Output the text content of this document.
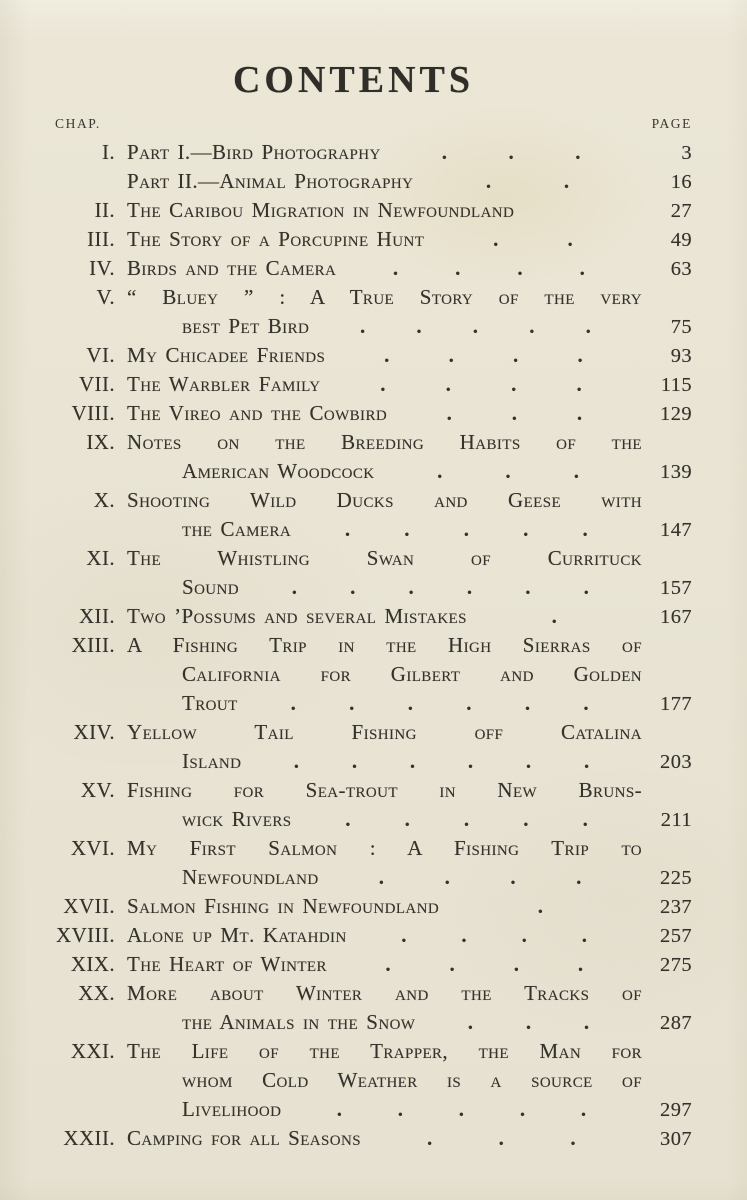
CONTENTS
CHAP.	PAGE
I. Part I.—Bird Photography	.	.	.	3
Part II.—Animal Photography	.	.	16
II. The Caribou Migration in Newfoundland	27
III. The Story of a Porcupine Hunt	.	.	49
IV. Birds and the Camera	.	.	.	.	63
V. “ Bluey ” : A True Story of the very
best Pet Bird . . . . .	75
VI. My Chicadee Friends	.	.	.	.	93
VII. The Warbler Family	.	.	.	.	115
VIII. The Vireo and the Cowbird	.	.	.	129
IX. Notes on the Breeding Habits of the
American Woodcock	.	.	.	139
X. Shooting Wild Ducks and Geese with
the Camera	.	.	.	.	.	147
XI. The Whistling Swan of Currituck
Sound	.	.	.	.	.	.	157
XII. Two ’Possums and several Mistakes	.	167
XIII. A Fishing Trip in the High Sierras of
California for Gilbert and Golden
Trout	.	.	.	.	.	.	177
XIV. Yellow Tail Fishing off Catalina
Island . . . . . .	203
XV. Fishing for Sea-trout in New Bruns-
wick Rivers	.	.	.	.	.	211
XVI. My First Salmon : A Fishing Trip to
Newfoundland	.	.	.	.	225
XVII. Salmon Fishing in Newfoundland	.	237
XVIII. Alone up Mt. Katahdin	.	.	.	.	257
XIX. The Heart of Winter	.	.	.	.	275
XX. More about Winter and the Tracks of
the Animals in the Snow . . .	287
XXI. The Life of the Trapper, the Man for
whom Cold Weather is a source of
Livelihood	.	.	.	.	.	297
XXII. Camping for all Seasons	.	.	.	307
